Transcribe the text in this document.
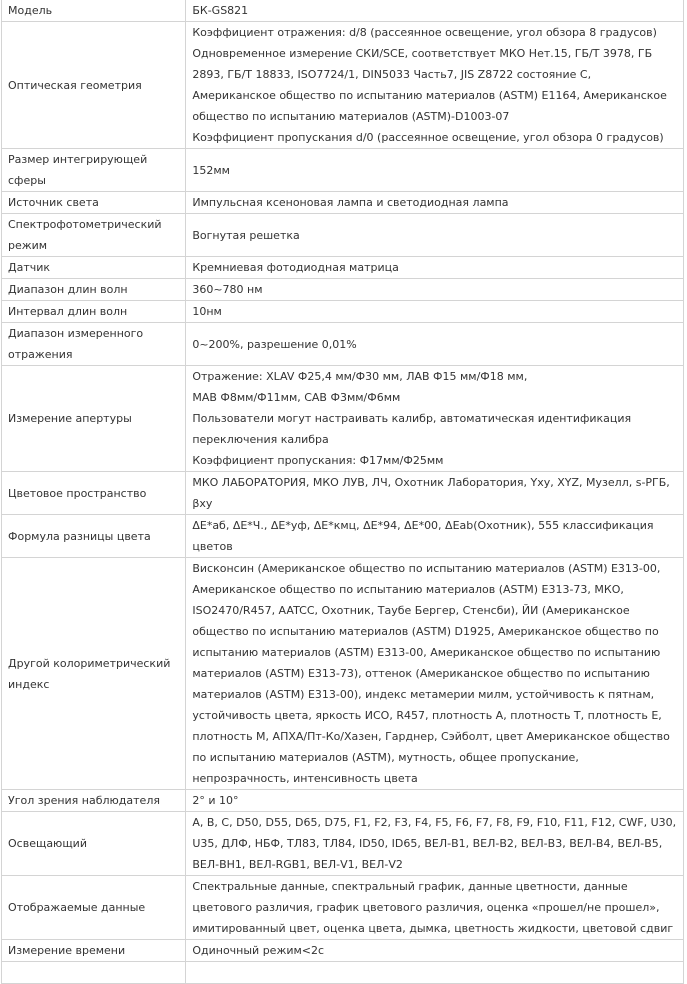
Модель	БК-GS821

Оптическая геометрия	Коэффициент отражения: d/8 (рассеянное освещение, угол обзора 8 градусов)
Одновременное измерение СКИ/SCE, соответствует МКО Нет.15, ГБ/Т 3978, ГБ 2893, ГБ/Т 18833, ISO7724/1, DIN5033 Часть7, JIS Z8722 состояние С, Американское общество по испытанию материалов (ASTM) E1164, Американское общество по испытанию материалов (ASTM)-D1003-07
Коэффициент пропускания d/0 (рассеянное освещение, угол обзора 0 градусов)

Размер интегрирующей сферы	152мм

Источник света	Импульсная ксеноновая лампа и светодиодная лампа

Спектрофотометрический режим	Вогнутая решетка

Датчик	Кремниевая фотодиодная матрица

Диапазон длин волн	360~780 нм

Интервал длин волн	10нм

Диапазон измеренного отражения	0~200%, разрешение 0,01%

Измерение апертуры	Отражение: XLAV Ф25,4 мм/Ф30 мм, ЛАВ Ф15 мм/Ф18 мм,
МАВ Ф8мм/Ф11мм, САВ Ф3мм/Ф6мм
Пользователи могут настраивать калибр, автоматическая идентификация переключения калибра
Коэффициент пропускания: Ф17мм/Ф25мм

Цветовое пространство	МКО ЛАБОРАТОРИЯ, МКО ЛУВ, ЛЧ, Охотник Лаборатория, Yxy, XYZ, Музелл, s-РГБ, βxy

Формула разницы цвета	ΔE*аб, ΔE*Ч., ΔE*уф, ΔE*кмц, ΔE*94, ΔE*00, ΔEab(Охотник), 555 классификация цветов

Другой колориметрический индекс	Висконсин (Американское общество по испытанию материалов (ASTM) E313-00, Американское общество по испытанию материалов (ASTM) E313-73, МКО, ISO2470/R457, AATCC, Охотник, Таубе Бергер, Стенсби), ЙИ (Американское общество по испытанию материалов (ASTM) D1925, Американское общество по испытанию материалов (ASTM) E313-00, Американское общество по испытанию материалов (ASTM) E313-73), оттенок (Американское общество по испытанию материалов (ASTM) E313-00), индекс метамерии милм, устойчивость к пятнам, устойчивость цвета, яркость ИСО, R457, плотность А, плотность Т, плотность Е, плотность М, АПХА/Пт-Ко/Хазен, Гарднер, Сэйболт, цвет Американское общество по испытанию материалов (ASTM), мутность, общее пропускание, непрозрачность, интенсивность цвета

Угол зрения наблюдателя	2° и 10°

Освещающий	А, В, С, D50, D55, D65, D75, F1, F2, F3, F4, F5, F6, F7, F8, F9, F10, F11, F12, CWF, U30, U35, ДЛФ, НБФ, ТЛ83, ТЛ84, ID50, ID65, ВЕЛ-В1, ВЕЛ-В2, ВЕЛ-В3, ВЕЛ-В4, ВЕЛ-В5, ВЕЛ-ВН1, ВЕЛ-RGB1, ВЕЛ-V1, ВЕЛ-V2

Отображаемые данные	Спектральные данные, спектральный график, данные цветности, данные цветового различия, график цветового различия, оценка «прошел/не прошел», имитированный цвет, оценка цвета, дымка, цветность жидкости, цветовой сдвиг

Измерение времени	Одиночный режим<2с
